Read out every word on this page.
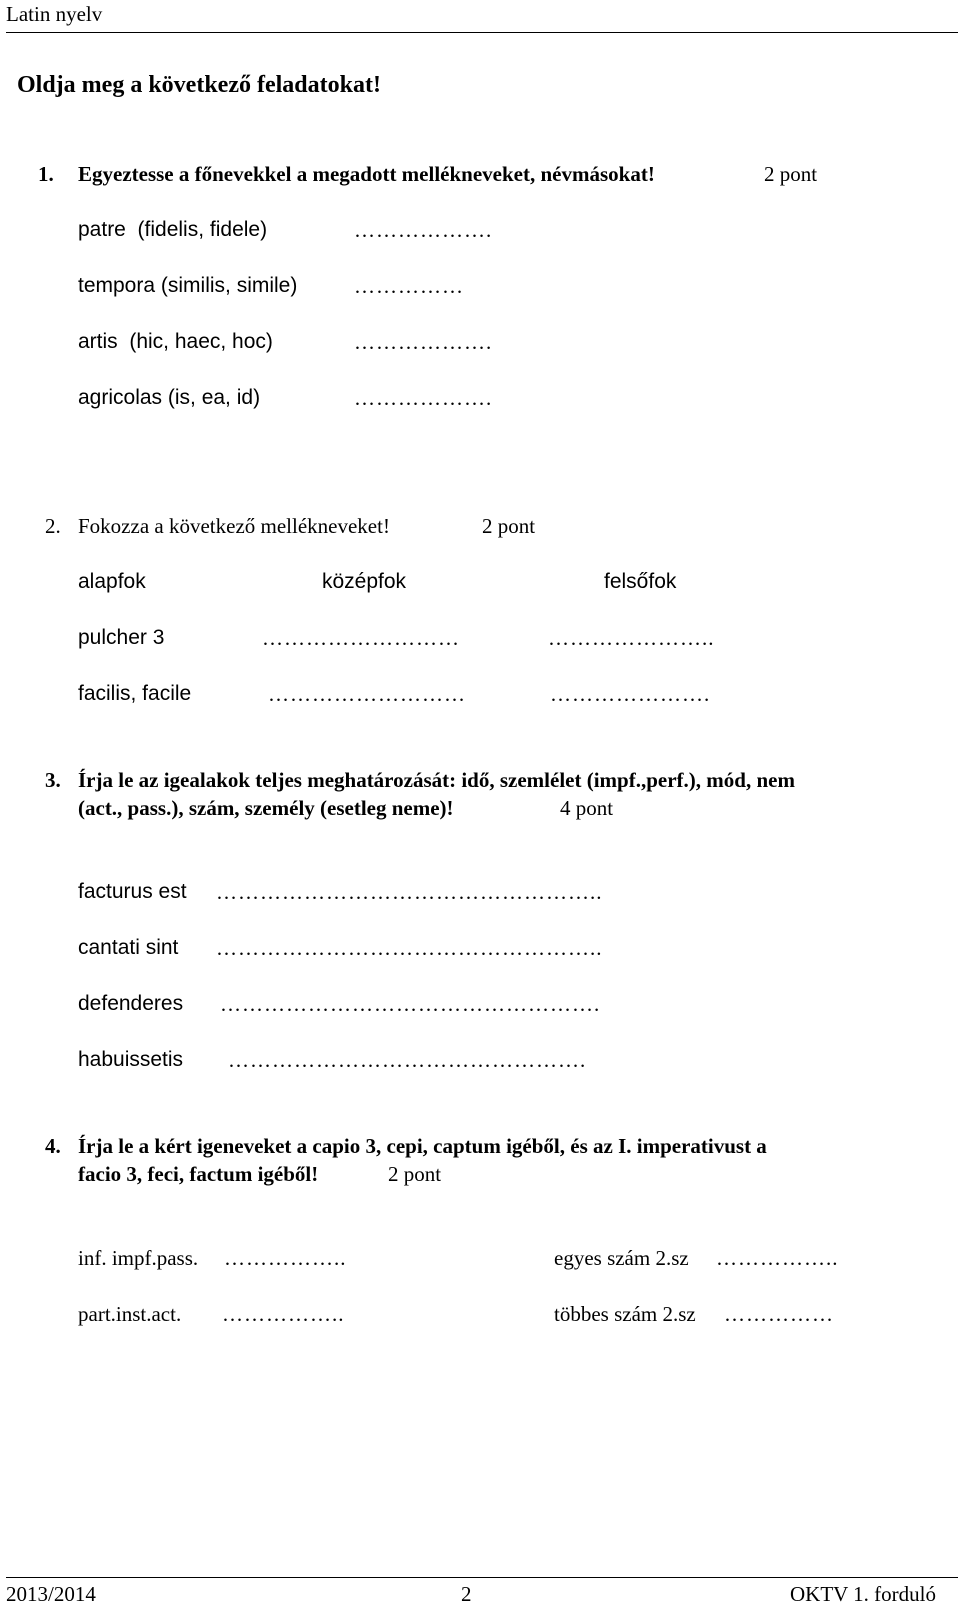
Latin nyelv
Oldja meg a következő feladatokat!
1. Egyeztesse a főnevekkel a megadott mellékneveket, névmásokat!	2 pont
patre  (fidelis, fidele)	……………….
tempora (similis, simile)	……………
artis  (hic, haec, hoc)	……………….
agricolas (is, ea, id)	……………….
2. Fokozza a következő mellékneveket!	2 pont
alapfok	középfok	felsőfok
pulcher 3	………………………	…………………..
facilis, facile	………………………	………………….
3. Írja le az igealakok teljes meghatározását: idő, szemlélet (impf.,perf.), mód, nem
(act., pass.), szám, személy (esetleg neme)!	4 pont
facturus est ……………………………………………..
cantati sint ……………………………………………..
defenderes …………………………………………….
habuissetis ………………………………………….
4. Írja le a kért igeneveket a capio 3, cepi, captum igéből, és az I. imperativust a
facio 3, feci, factum igéből!	2 pont
inf. impf.pass. ……………..	egyes szám 2.sz ……………..
part.inst.act. ……………..	többes szám 2.sz ……………
2013/2014	2	OKTV 1. forduló
